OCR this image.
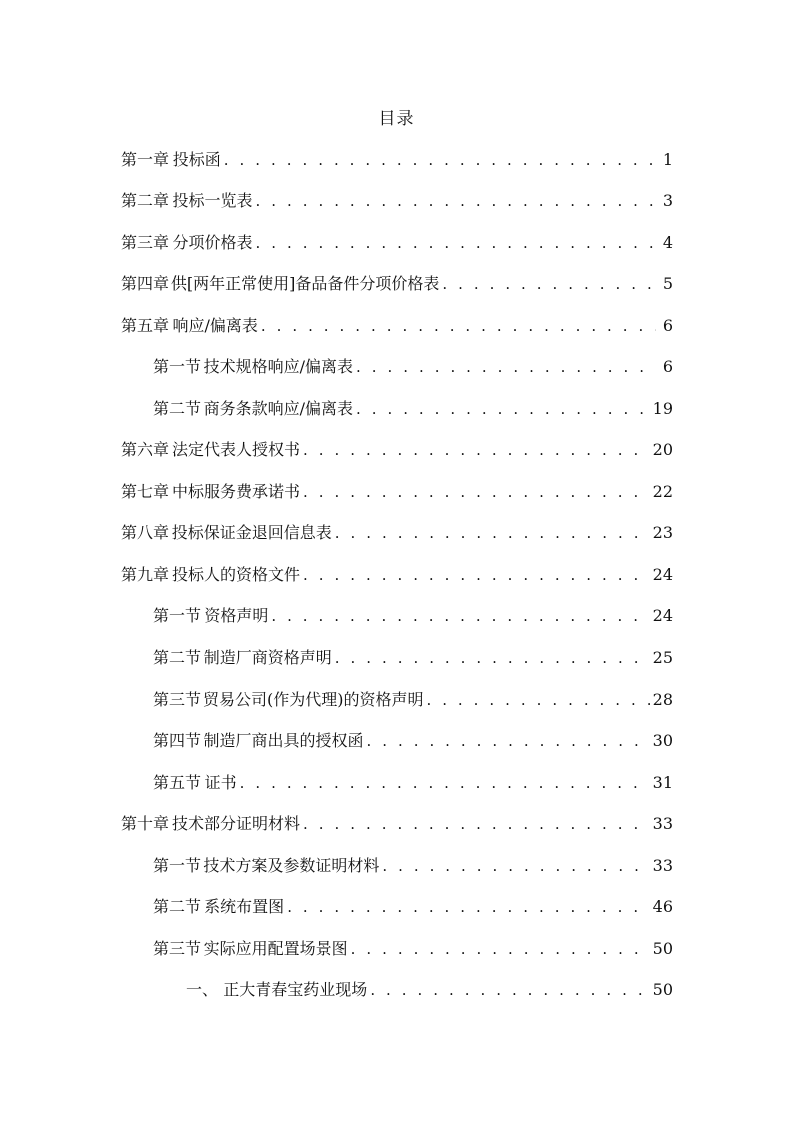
目录
第一章 投标函 . . .	1
第二章 投标一览表 . . .	3
第三章 分项价格表 . . .	4
第四章 供[两年正常使用]备品备件分项价格表 . . .	5
第五章 响应/偏离表 . . .	6
第一节 技术规格响应/偏离表 . . .	6
第二节 商务条款响应/偏离表 . . .	19
第六章 法定代表人授权书 . . .	20
第七章 中标服务费承诺书 . . .	22
第八章 投标保证金退回信息表 . . .	23
第九章 投标人的资格文件 . . .	24
第一节 资格声明 . . .	24
第二节 制造厂商资格声明 . . .	25
第三节 贸易公司(作为代理)的资格声明 . . .	28
第四节 制造厂商出具的授权函 . . .	30
第五节 证书 . . .	31
第十章 技术部分证明材料 . . .	33
第一节 技术方案及参数证明材料 . . .	33
第二节 系统布置图 . . .	46
第三节 实际应用配置场景图 . . .	50
一、 正大青春宝药业现场 . . .	50
